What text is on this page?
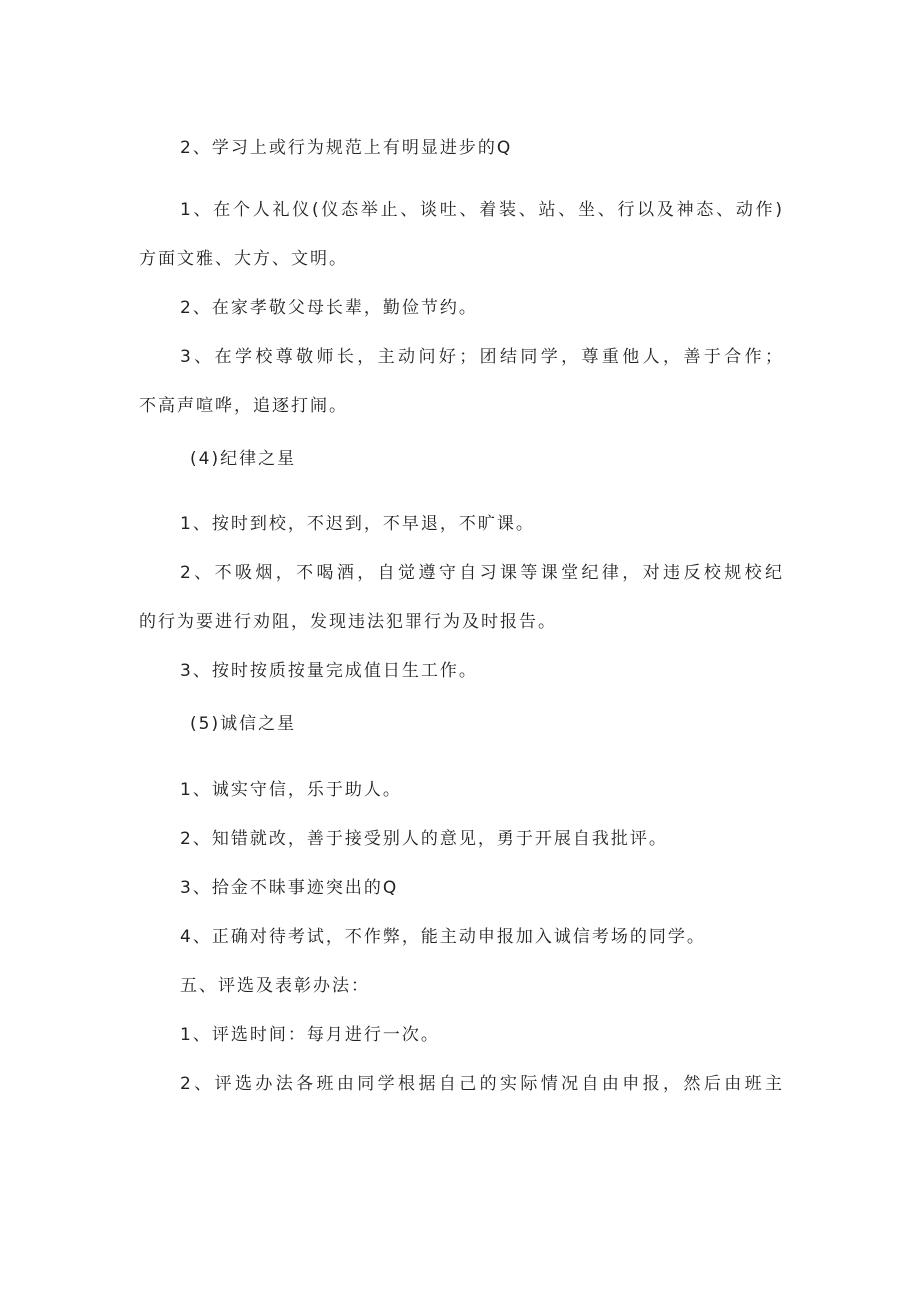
2、学习上或行为规范上有明显进步的Q

1、在个人礼仪(仪态举止、谈吐、着装、站、坐、行以及神态、动作)

方面文雅、大方、文明。

2、在家孝敬父母长辈，勤俭节约。

3、在学校尊敬师长，主动问好；团结同学，尊重他人，善于合作；

不高声喧哗，追逐打闹。

(4)纪律之星

1、按时到校，不迟到，不早退，不旷课。

2、不吸烟，不喝酒，自觉遵守自习课等课堂纪律，对违反校规校纪

的行为要进行劝阻，发现违法犯罪行为及时报告。

3、按时按质按量完成值日生工作。

(5)诚信之星

1、诚实守信，乐于助人。

2、知错就改，善于接受别人的意见，勇于开展自我批评。

3、拾金不昧事迹突出的Q

4、正确对待考试，不作弊，能主动申报加入诚信考场的同学。

五、评选及表彰办法：

1、评选时间：每月进行一次。

2、评选办法各班由同学根据自己的实际情况自由申报，然后由班主
